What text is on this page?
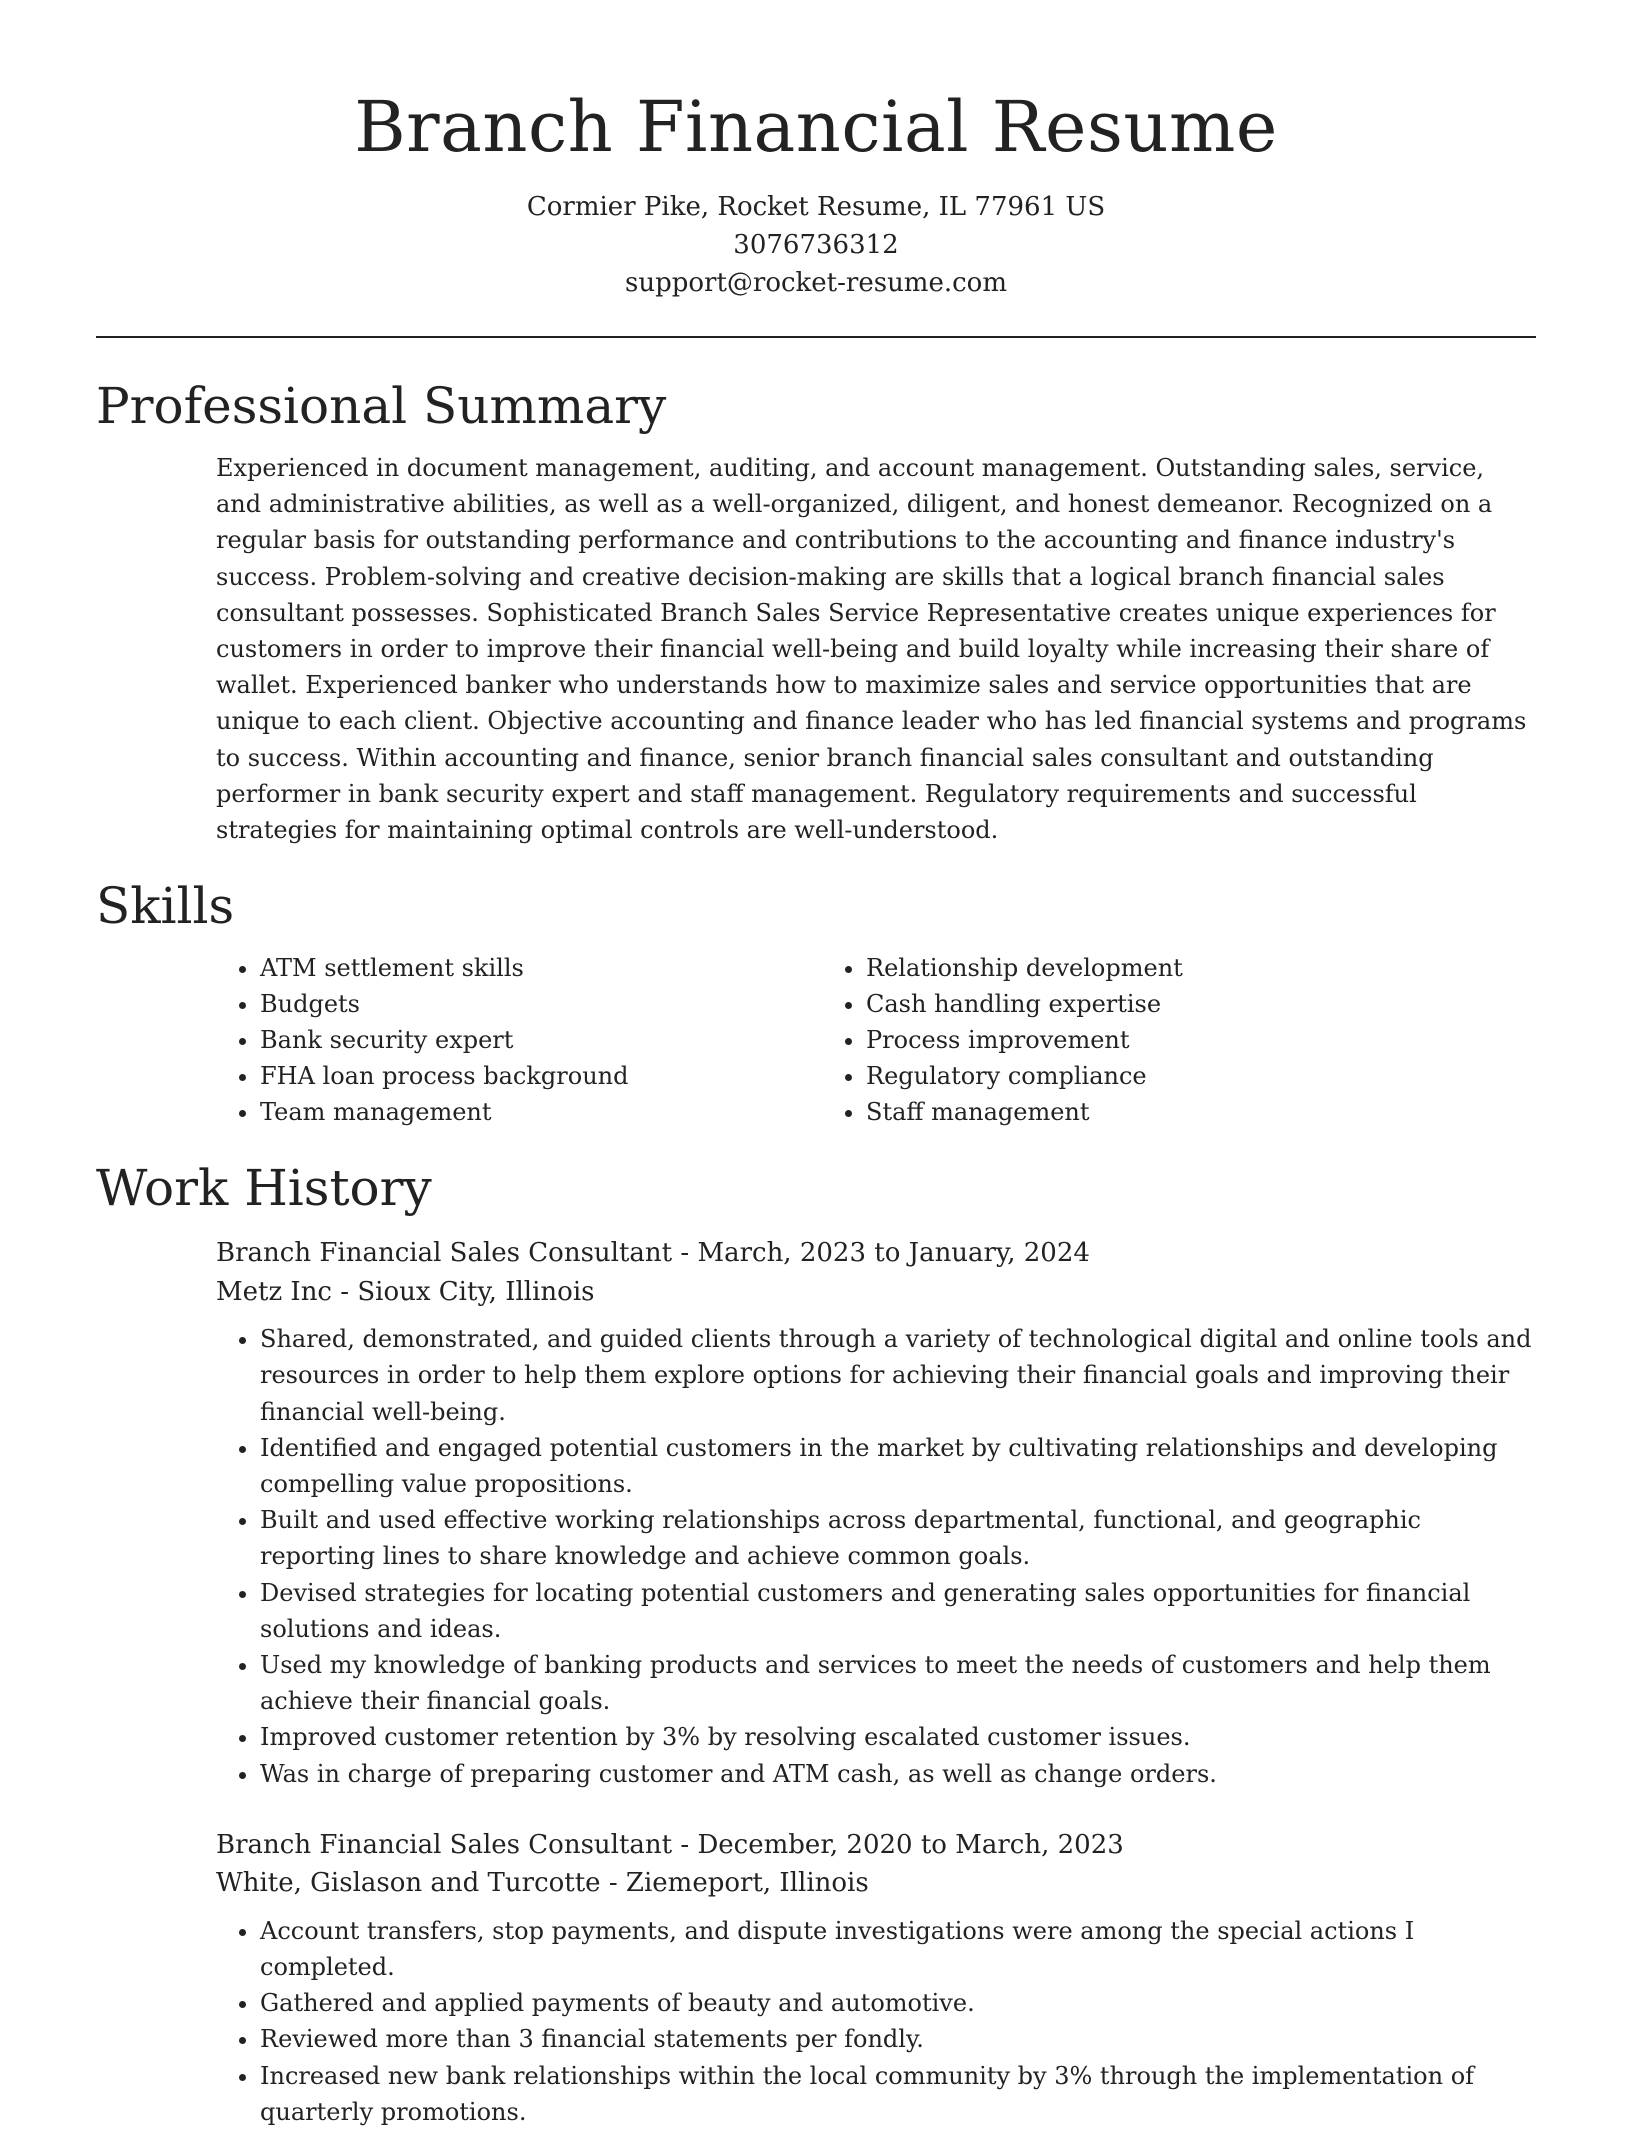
Branch Financial Resume
Cormier Pike, Rocket Resume, IL 77961 US
3076736312
support@rocket-resume.com
Professional Summary
Experienced in document management, auditing, and account management. Outstanding sales, service, and administrative abilities, as well as a well-organized, diligent, and honest demeanor. Recognized on a regular basis for outstanding performance and contributions to the accounting and finance industry's success. Problem-solving and creative decision-making are skills that a logical branch financial sales consultant possesses. Sophisticated Branch Sales Service Representative creates unique experiences for customers in order to improve their financial well-being and build loyalty while increasing their share of wallet. Experienced banker who understands how to maximize sales and service opportunities that are unique to each client. Objective accounting and finance leader who has led financial systems and programs to success. Within accounting and finance, senior branch financial sales consultant and outstanding performer in bank security expert and staff management. Regulatory requirements and successful strategies for maintaining optimal controls are well-understood.
Skills
• ATM settlement skills
• Budgets
• Bank security expert
• FHA loan process background
• Team management
• Relationship development
• Cash handling expertise
• Process improvement
• Regulatory compliance
• Staff management
Work History
Branch Financial Sales Consultant - March, 2023 to January, 2024
Metz Inc - Sioux City, Illinois
• Shared, demonstrated, and guided clients through a variety of technological digital and online tools and resources in order to help them explore options for achieving their financial goals and improving their financial well-being.
• Identified and engaged potential customers in the market by cultivating relationships and developing compelling value propositions.
• Built and used effective working relationships across departmental, functional, and geographic reporting lines to share knowledge and achieve common goals.
• Devised strategies for locating potential customers and generating sales opportunities for financial solutions and ideas.
• Used my knowledge of banking products and services to meet the needs of customers and help them achieve their financial goals.
• Improved customer retention by 3% by resolving escalated customer issues.
• Was in charge of preparing customer and ATM cash, as well as change orders.
Branch Financial Sales Consultant - December, 2020 to March, 2023
White, Gislason and Turcotte - Ziemeport, Illinois
• Account transfers, stop payments, and dispute investigations were among the special actions I completed.
• Gathered and applied payments of beauty and automotive.
• Reviewed more than 3 financial statements per fondly.
• Increased new bank relationships within the local community by 3% through the implementation of quarterly promotions.
